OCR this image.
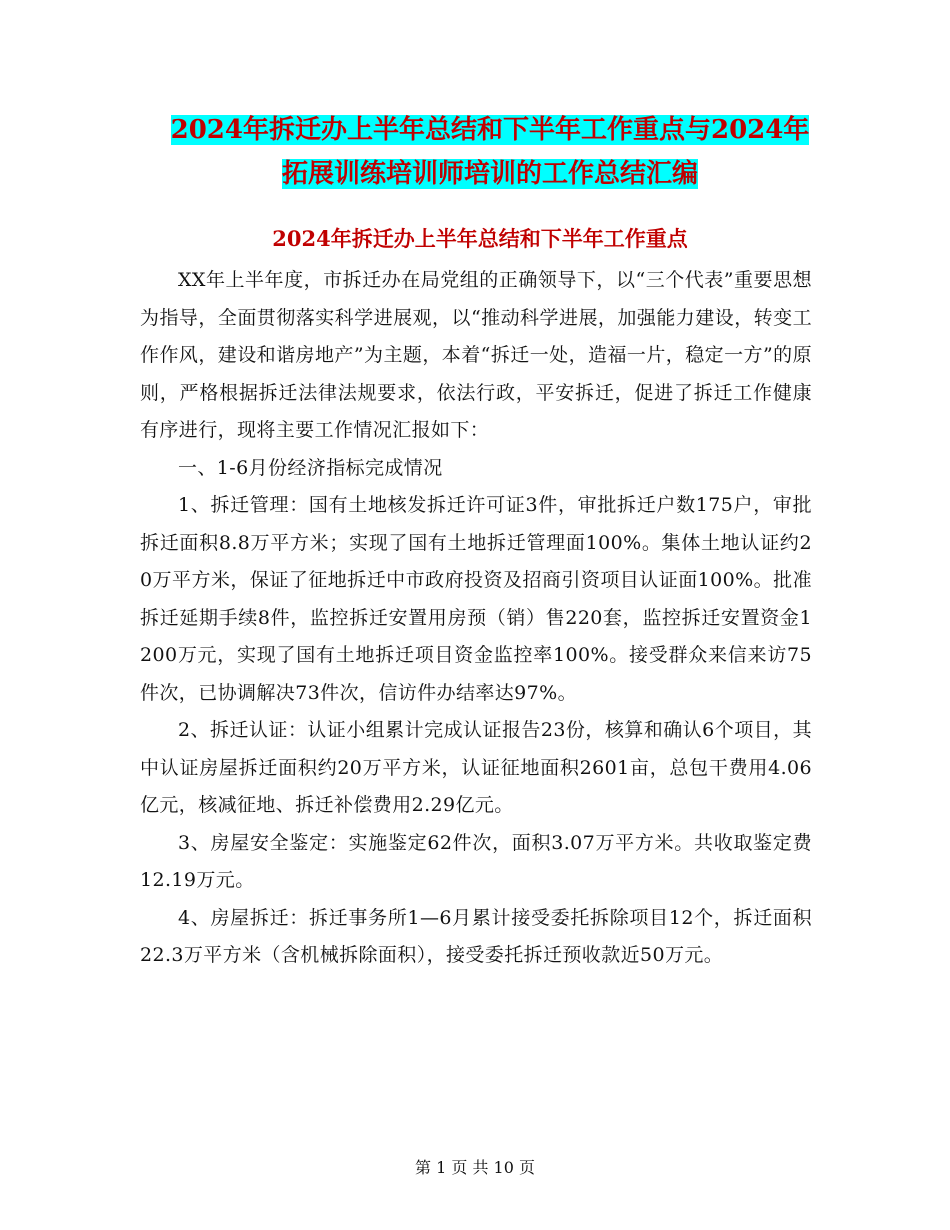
2024年拆迁办上半年总结和下半年工作重点与2024年
拓展训练培训师培训的工作总结汇编
2024年拆迁办上半年总结和下半年工作重点

XX年上半年度，市拆迁办在局党组的正确领导下，以“三个代表”重要思想为指导，全面贯彻落实科学进展观，以“推动科学进展，加强能力建设，转变工作作风，建设和谐房地产”为主题，本着“拆迁一处，造福一片，稳定一方”的原则，严格根据拆迁法律法规要求，依法行政，平安拆迁，促进了拆迁工作健康有序进行，现将主要工作情况汇报如下：

一、1-6月份经济指标完成情况

1、拆迁管理：国有土地核发拆迁许可证3件，审批拆迁户数175户，审批拆迁面积8.8万平方米；实现了国有土地拆迁管理面100%。集体土地认证约20万平方米，保证了征地拆迁中市政府投资及招商引资项目认证面100%。批准拆迁延期手续8件，监控拆迁安置用房预（销）售220套，监控拆迁安置资金1200万元，实现了国有土地拆迁项目资金监控率100%。接受群众来信来访75件次，已协调解决73件次，信访件办结率达97%。

2、拆迁认证：认证小组累计完成认证报告23份，核算和确认6个项目，其中认证房屋拆迁面积约20万平方米，认证征地面积2601亩，总包干费用4.06亿元，核减征地、拆迁补偿费用2.29亿元。

3、房屋安全鉴定：实施鉴定62件次，面积3.07万平方米。共收取鉴定费12.19万元。

4、房屋拆迁：拆迁事务所1—6月累计接受委托拆除项目12个，拆迁面积22.3万平方米（含机械拆除面积），接受委托拆迁预收款近50万元。

第 1 页 共 10 页
